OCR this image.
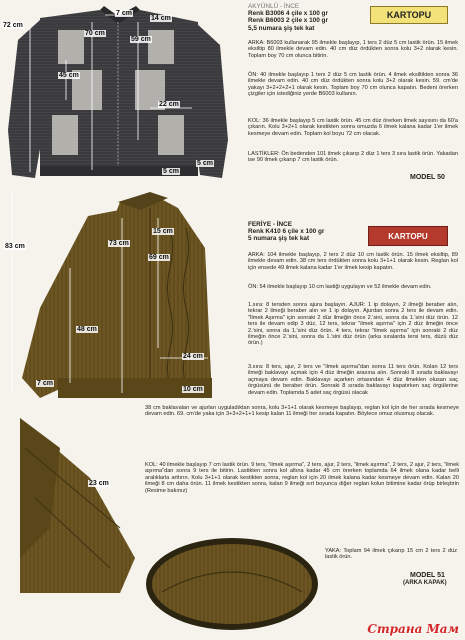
72 cm
7 cm
70 cm
59 cm
14 cm
45 cm
22 cm
5 cm
5 cm
AKYÜNLÜ - İNCE
Renk B3006 4 çile x 100 gr
Renk B6003 2 çile x 100 gr
5,5 numara şiş tek kat
KARTOPU
ARKA: B6003 kullanarak 95 ilmekle başlayıp, 1 ters 2 düz 5 cm lastik örün. 15 ilmek eksiltip 80 ilmekle devam edin. 40 cm düz ördükten sonra kolu 3+2 olarak kesin. Toplam boy 70 cm olunca bitirin.
ÖN: 40 ilmekle başlayıp 1 ters 2 düz 5 cm lastik örün. 4 ilmek eksiltikten sonra 36 ilmekle devam edin. 40 cm düz ördükten sonra kolu 3+2 olarak kesin. 59. cm'de yakayı 3+2+2+2+1 olarak kesin. Toplam boy 70 cm olunca kapatın. Bedeni örerken çizgiler için istediğiniz yerde B6003 kullanın.
KOL: 36 ilmekle başlayıp 5 cm lastik örün. 45 cm düz örerken ilmek sayısını da 60'a çıkarın. Kolu 3+2+1 olarak kestikten sonra omuzda 6 ilmek kalana kadar 1'er ilmek kesmeye devam edin. Toplam kol boyu 72 cm olacak.
LASTİKLER: Ön bedenden 101 ilmek çıkarıp 2 düz 1 ters 3 sıra lastik örün. Yakadan ise 90 ilmek çıkarıp 7 cm lastik örün.
MODEL 50
15 cm
83 cm	73 cm
69 cm
48 cm
24 cm
7 cm
10 cm
FERİYE - İNCE
Renk K410 6 çile x 100 gr
5 numara şiş tek kat	KARTOPU
ARKA: 104 ilmekle başlayıp, 2 ters 2 düz 10 cm lastik örün. 15 ilmek eksiltip, 89 ilmekle devam edin. 38 cm ters ördükten sonra kolu 3+1+1 olarak kesin. Reglan kol için ensede 49 ilmek kalana kadar 1'er ilmek kesip kapatın.
ÖN: 54 ilmekle başlayıp 10 cm lastiği uygulayın ve 52 ilmekle devam edin.
1.sıra: 8 tersden sonra ajura başlayın. AJUR: 1 ip dolayın, 2 ilmeği beraber alın, tekrar 2 ilmeği beraber alın ve 1 ip dolayın. Ajurdan sonra 2 ters ile devam edin. "İlmek Aşırma" için sonraki 2 düz ilmeğin önce 2.'sini, sonra da 1.'sini düz örün. 12 ters ile devam edip 3 düz, 12 ters, tekrar "ilmek aşırma" için 2 düz ilmeğin önce 2.'sini, sonra da 1.'sini düz örün. 4 ters, tekrar "ilmek aşırma" için sonraki 2 düz ilmeğin önce 2.'sini, sonra da 1.'sini düz örün (arka sıralarda tersi ters, düzü düz örün.)
3.sıra: 8 ters, ajur, 2 ters ve "ilmek aşırma"dan sonra 11 ters örün. Kolan 12 ters ilmeği baklavayı açmak için 4 düz ilmeğin arasına alın. Sonraki 8 sırada baklavayı açmaya devam edin. Baklavayı açarken ortasından 4 düz ilmeklen olusan saç örgüsünü de beraber örün. Sonraki 8 sırada baklavayı kapatırken saç örgülerine devam edin. Toplamda 5 adet saç örgüsü olacak
38 cm baklavaları ve ajurları uyguladıktan sonra, kolu 3+1+1 olarak kesmeye başlayıp, reglan kol için de her sırada kesmeye devam edin. 69. cm'de yaka için 3+3+2+1+1 kesip kalan 11 ilmeği her sırada kapatın. Böylece omuz olusmuş olacak.
23 cm
KOL: 40 ilmekle başlayıp 7 cm lastik örün. 9 ters, "ilmek aşırma", 2 ters, ajur, 2 ters, "ilmek aşırma", 2 ters, 2 ajur, 2 ters, "ilmek aşırma"dan sonra 9 ters ile bitirin. Lastikten sonra kol altına kadar 45 cm örerken toplamda 64 ilmek olana kadar belli aralıklarla arttırın. Kolu 3+1+1 olarak kestikten sonra, reglan kol için 20 ilmek kalana kadar kesmeye devam edin. Kalan 20 ilmeği 8 cm daha örün. 11 ilmek kestikten sonra, kalan 9 ilmeği sırt boyunca diğer reglan kolun bitimine kadar örüp birleştirin (Resime bakınız)
YAKA: Toplam 94 ilmek çıkarıp 15 cm 2 ters 2 düz lastik örün.
MODEL 51
(ARKA KAPAK)
Страна Мам
